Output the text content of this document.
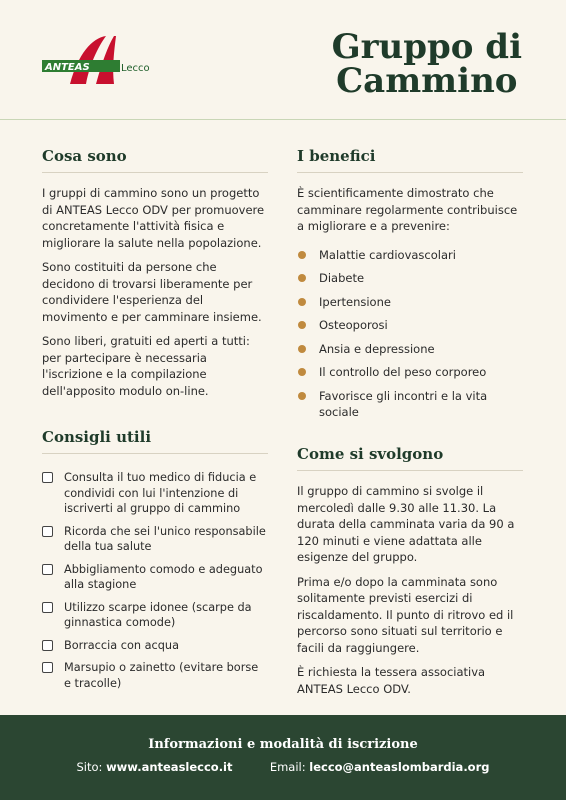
ANTEAS	Lecco
Gruppo di
Cammino
Cosa sono

I gruppi di cammino sono un progetto di ANTEAS Lecco ODV per promuovere concretamente l'attività fisica e migliorare la salute nella popolazione.

Sono costituiti da persone che decidono di trovarsi liberamente per condividere l'esperienza del movimento e per camminare insieme.

Sono liberi, gratuiti ed aperti a tutti: per partecipare è necessaria l'iscrizione e la compilazione dell'apposito modulo on-line.

Consigli utili
Consulta il tuo medico di fiducia e condividi con lui l'intenzione di iscriverti al gruppo di cammino
Ricorda che sei l'unico responsabile della tua salute
Abbigliamento comodo e adeguato alla stagione
Utilizzo scarpe idonee (scarpe da ginnastica comode)
Borraccia con acqua
Marsupio o zainetto (evitare borse e tracolle)
I benefici

È scientificamente dimostrato che camminare regolarmente contribuisce a migliorare e a prevenire:

Malattie cardiovascolari
Diabete
Ipertensione
Osteoporosi
Ansia e depressione
Il controllo del peso corporeo
Favorisce gli incontri e la vita sociale
Come si svolgono

Il gruppo di cammino si svolge il mercoledì dalle 9.30 alle 11.30. La durata della camminata varia da 90 a 120 minuti e viene adattata alle esigenze del gruppo.

Prima e/o dopo la camminata sono solitamente previsti esercizi di riscaldamento. Il punto di ritrovo ed il percorso sono situati sul territorio e facili da raggiungere.

È richiesta la tessera associativa ANTEAS Lecco ODV.

Informazioni e modalità di iscrizione
Sito: www.anteaslecco.it	Email: lecco@anteaslombardia.org
